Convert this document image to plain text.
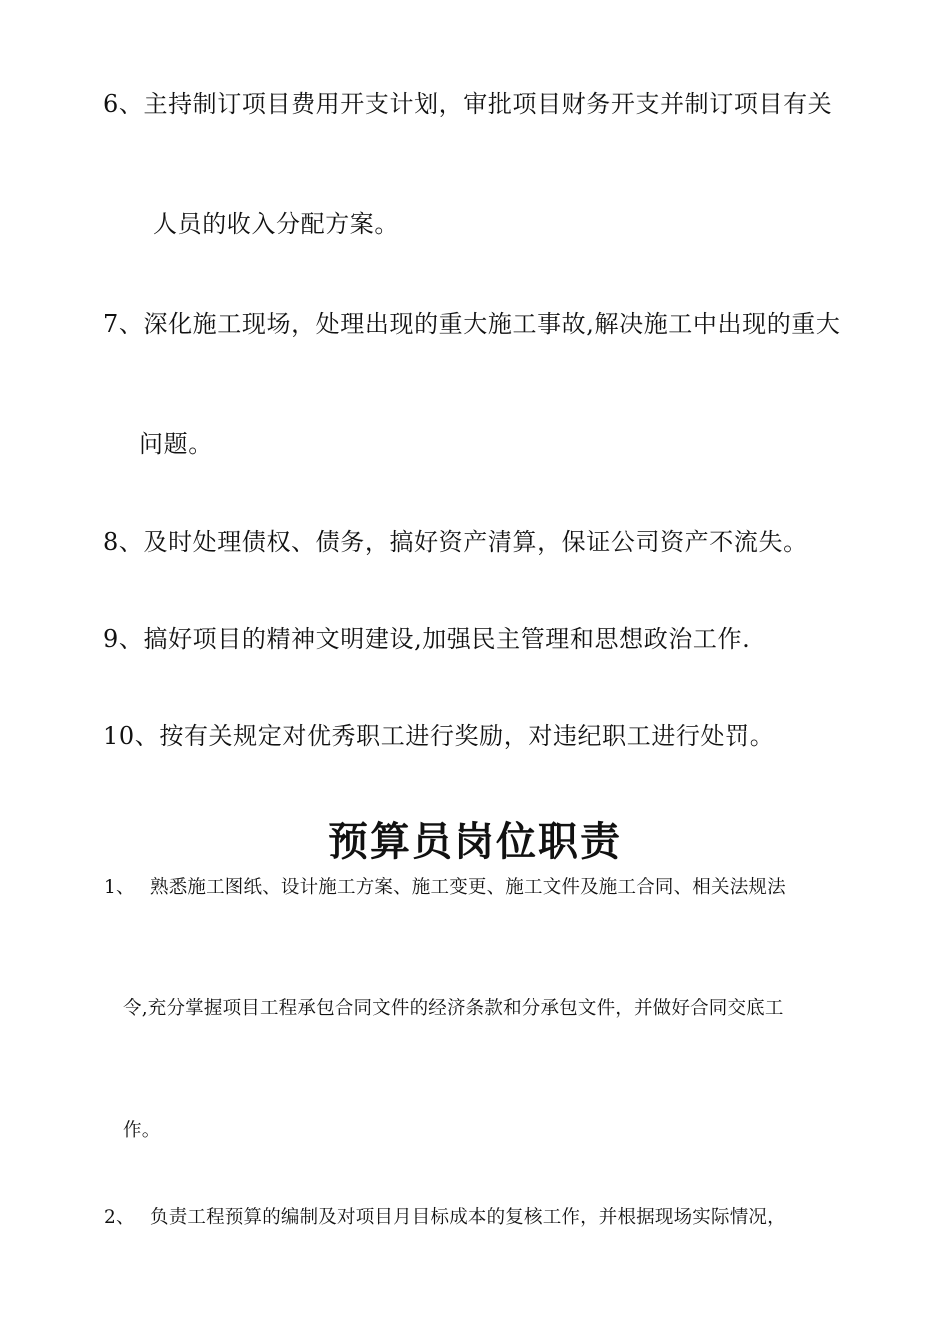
6、主持制订项目费用开支计划，审批项目财务开支并制订项目有关
人员的收入分配方案。
7、深化施工现场，处理出现的重大施工事故,解决施工中出现的重大
问题。
8、及时处理债权、债务，搞好资产清算，保证公司资产不流失。
9、搞好项目的精神文明建设,加强民主管理和思想政治工作.
10、按有关规定对优秀职工进行奖励，对违纪职工进行处罚。
预算员岗位职责
1、 熟悉施工图纸、设计施工方案、施工变更、施工文件及施工合同、相关法规法
令,充分掌握项目工程承包合同文件的经济条款和分承包文件，并做好合同交底工
作。
2、 负责工程预算的编制及对项目月目标成本的复核工作，并根据现场实际情况，
